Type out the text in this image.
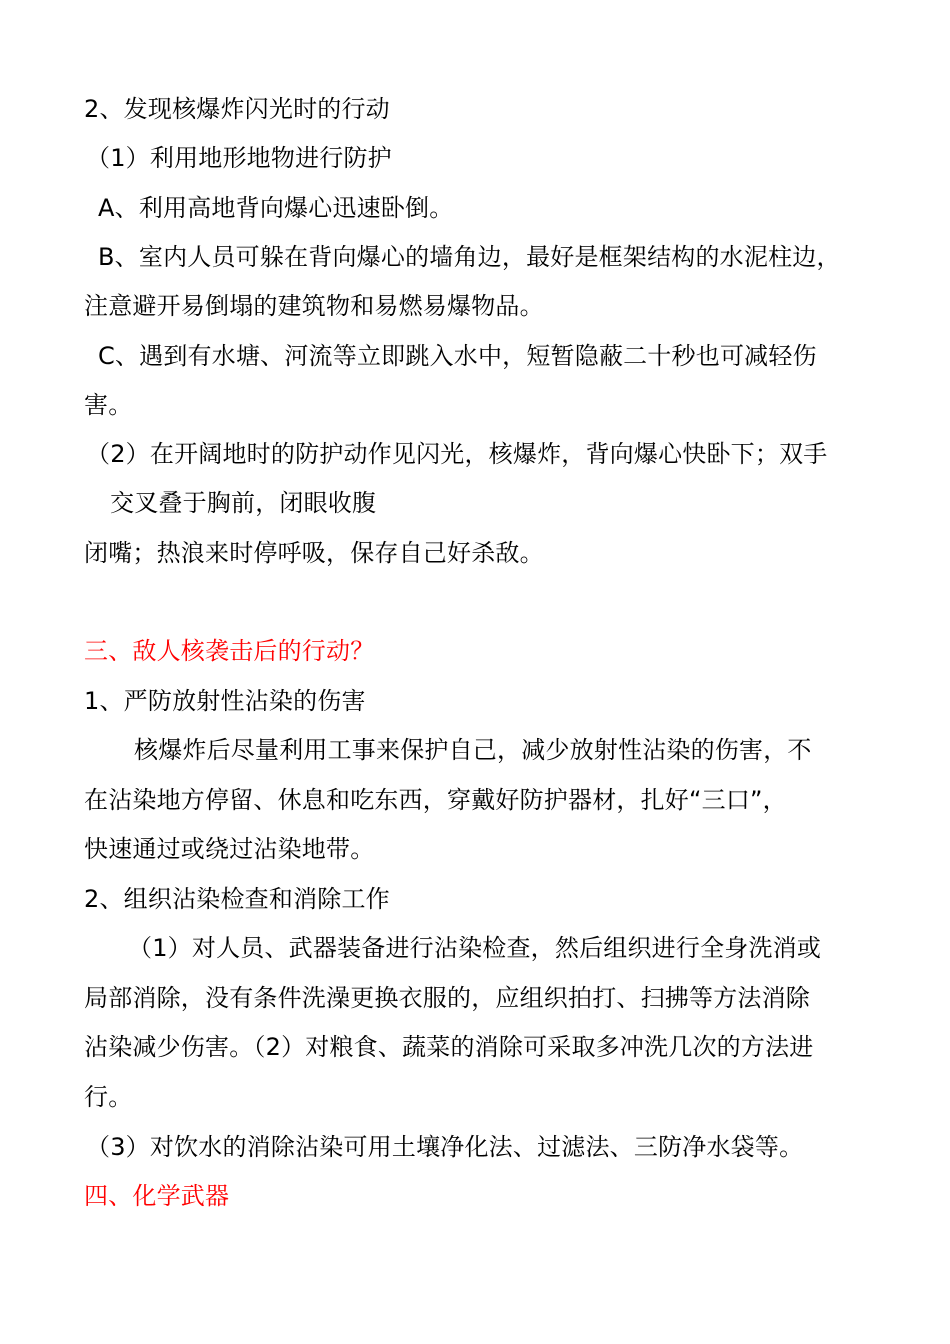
2、发现核爆炸闪光时的行动
（1）利用地形地物进行防护
A、利用高地背向爆心迅速卧倒。
B、室内人员可躲在背向爆心的墙角边，最好是框架结构的水泥柱边，
注意避开易倒塌的建筑物和易燃易爆物品。
C、遇到有水塘、河流等立即跳入水中，短暂隐蔽二十秒也可减轻伤
害。
（2）在开阔地时的防护动作见闪光，核爆炸，背向爆心快卧下；双手
交叉叠于胸前，闭眼收腹
闭嘴；热浪来时停呼吸，保存自己好杀敌。
三、敌人核袭击后的行动？
1、严防放射性沾染的伤害
核爆炸后尽量利用工事来保护自己，减少放射性沾染的伤害，不
在沾染地方停留、休息和吃东西，穿戴好防护器材，扎好“三口”，
快速通过或绕过沾染地带。
2、组织沾染检查和消除工作
（1）对人员、武器装备进行沾染检查，然后组织进行全身洗消或
局部消除，没有条件洗澡更换衣服的，应组织拍打、扫拂等方法消除
沾染减少伤害。（2）对粮食、蔬菜的消除可采取多冲洗几次的方法进
行。
（3）对饮水的消除沾染可用土壤净化法、过滤法、三防净水袋等。
四、化学武器
